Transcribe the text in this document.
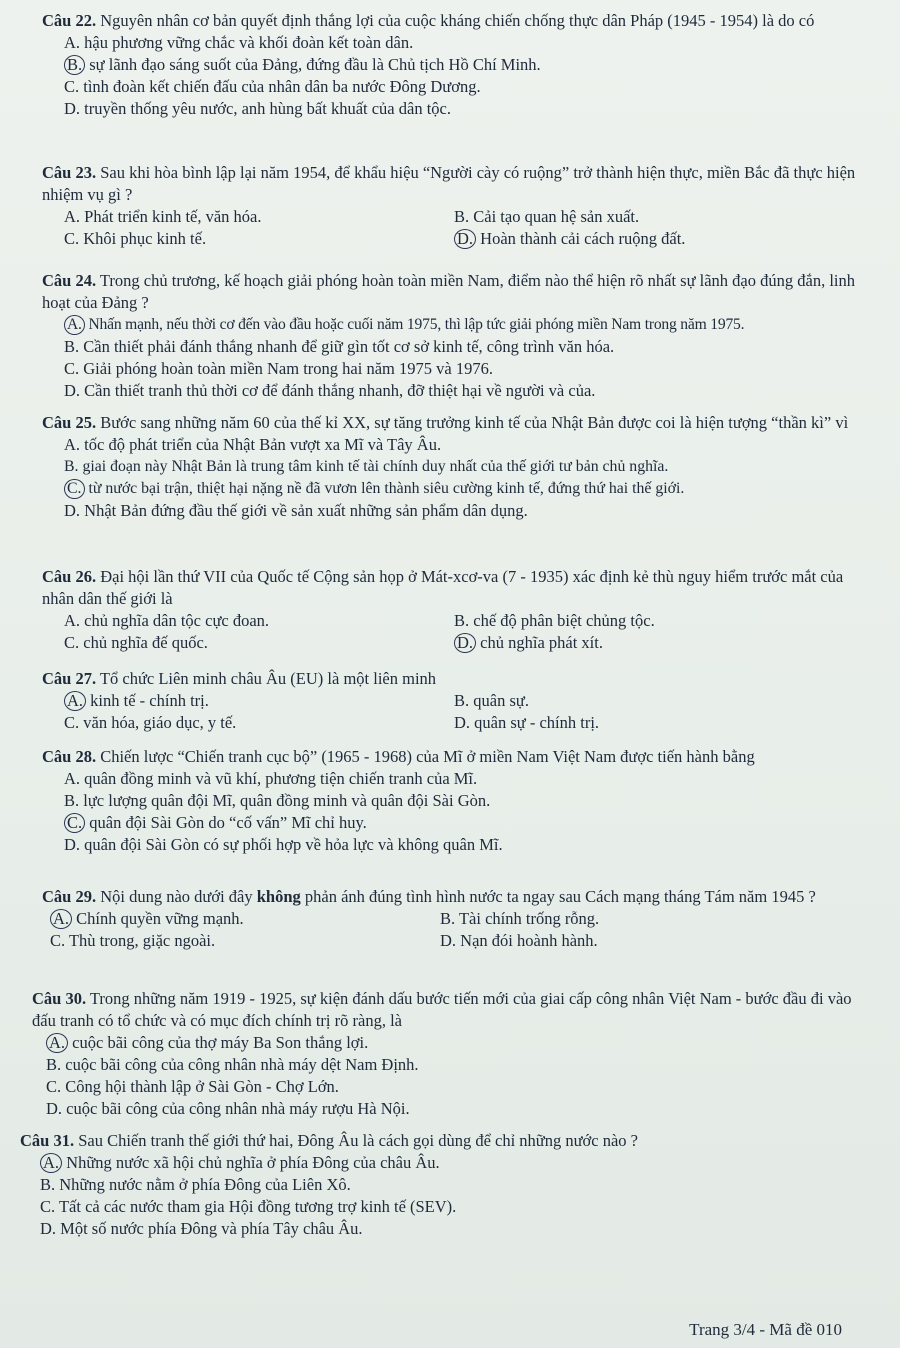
Câu 22. Nguyên nhân cơ bản quyết định thắng lợi của cuộc kháng chiến chống thực dân Pháp (1945 - 1954) là do có
A. hậu phương vững chắc và khối đoàn kết toàn dân.
B. sự lãnh đạo sáng suốt của Đảng, đứng đầu là Chủ tịch Hồ Chí Minh.
C. tình đoàn kết chiến đấu của nhân dân ba nước Đông Dương.
D. truyền thống yêu nước, anh hùng bất khuất của dân tộc.
Câu 23. Sau khi hòa bình lập lại năm 1954, để khẩu hiệu “Người cày có ruộng” trở thành hiện thực, miền Bắc đã thực hiện nhiệm vụ gì ?
A. Phát triển kinh tế, văn hóa.	B. Cải tạo quan hệ sản xuất.
C. Khôi phục kinh tế.	D. Hoàn thành cải cách ruộng đất.
Câu 24. Trong chủ trương, kế hoạch giải phóng hoàn toàn miền Nam, điểm nào thể hiện rõ nhất sự lãnh đạo đúng đắn, linh hoạt của Đảng ?
A. Nhấn mạnh, nếu thời cơ đến vào đầu hoặc cuối năm 1975, thì lập tức giải phóng miền Nam trong năm 1975.
B. Cần thiết phải đánh thắng nhanh để giữ gìn tốt cơ sở kinh tế, công trình văn hóa.
C. Giải phóng hoàn toàn miền Nam trong hai năm 1975 và 1976.
D. Cần thiết tranh thủ thời cơ để đánh thắng nhanh, đỡ thiệt hại về người và của.
Câu 25. Bước sang những năm 60 của thế kỉ XX, sự tăng trưởng kinh tế của Nhật Bản được coi là hiện tượng “thần kì” vì
A. tốc độ phát triển của Nhật Bản vượt xa Mĩ và Tây Âu.
B. giai đoạn này Nhật Bản là trung tâm kinh tế tài chính duy nhất của thế giới tư bản chủ nghĩa.
C. từ nước bại trận, thiệt hại nặng nề đã vươn lên thành siêu cường kinh tế, đứng thứ hai thế giới.
D. Nhật Bản đứng đầu thế giới về sản xuất những sản phẩm dân dụng.
Câu 26. Đại hội lần thứ VII của Quốc tế Cộng sản họp ở Mát-xcơ-va (7 - 1935) xác định kẻ thù nguy hiểm trước mắt của nhân dân thế giới là
A. chủ nghĩa dân tộc cực đoan.	B. chế độ phân biệt chủng tộc.
C. chủ nghĩa đế quốc.	D. chủ nghĩa phát xít.
Câu 27. Tổ chức Liên minh châu Âu (EU) là một liên minh
A. kinh tế - chính trị.	B. quân sự.
C. văn hóa, giáo dục, y tế.	D. quân sự - chính trị.
Câu 28. Chiến lược “Chiến tranh cục bộ” (1965 - 1968) của Mĩ ở miền Nam Việt Nam được tiến hành bằng
A. quân đồng minh và vũ khí, phương tiện chiến tranh của Mĩ.
B. lực lượng quân đội Mĩ, quân đồng minh và quân đội Sài Gòn.
C. quân đội Sài Gòn do “cố vấn” Mĩ chỉ huy.
D. quân đội Sài Gòn có sự phối hợp về hỏa lực và không quân Mĩ.
Câu 29. Nội dung nào dưới đây không phản ánh đúng tình hình nước ta ngay sau Cách mạng tháng Tám năm 1945 ?
A. Chính quyền vững mạnh.	B. Tài chính trống rỗng.
C. Thù trong, giặc ngoài.	D. Nạn đói hoành hành.
Câu 30. Trong những năm 1919 - 1925, sự kiện đánh dấu bước tiến mới của giai cấp công nhân Việt Nam - bước đầu đi vào đấu tranh có tổ chức và có mục đích chính trị rõ ràng, là
A. cuộc bãi công của thợ máy Ba Son thắng lợi.
B. cuộc bãi công của công nhân nhà máy dệt Nam Định.
C. Công hội thành lập ở Sài Gòn - Chợ Lớn.
D. cuộc bãi công của công nhân nhà máy rượu Hà Nội.
Câu 31. Sau Chiến tranh thế giới thứ hai, Đông Âu là cách gọi dùng để chỉ những nước nào ?
A. Những nước xã hội chủ nghĩa ở phía Đông của châu Âu.
B. Những nước nằm ở phía Đông của Liên Xô.
C. Tất cả các nước tham gia Hội đồng tương trợ kinh tế (SEV).
D. Một số nước phía Đông và phía Tây châu Âu.
Trang 3/4 - Mã đề 010
